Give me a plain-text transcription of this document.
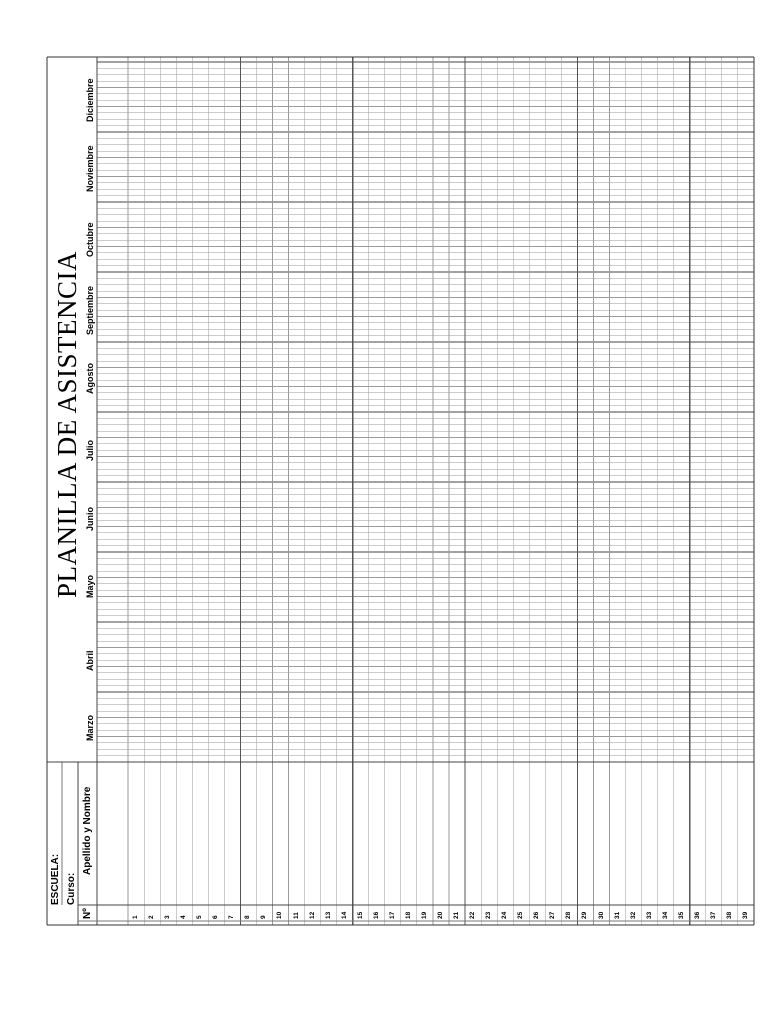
PLANILLA DE ASISTENCIA
ESCUELA: Curso:
Nº
Apellido y Nombre
Marzo
Abril
Mayo
Junio
Julio
Agosto
Septiembre
Octubre
Noviembre
Diciembre
1 2 3 4 5 6 7 8 9 10 11 12 13 14 15 16 17 18 19 20 21 22 23 24 25 26 27 28 29 30 31 32 33 34 35 36 37 38 39
